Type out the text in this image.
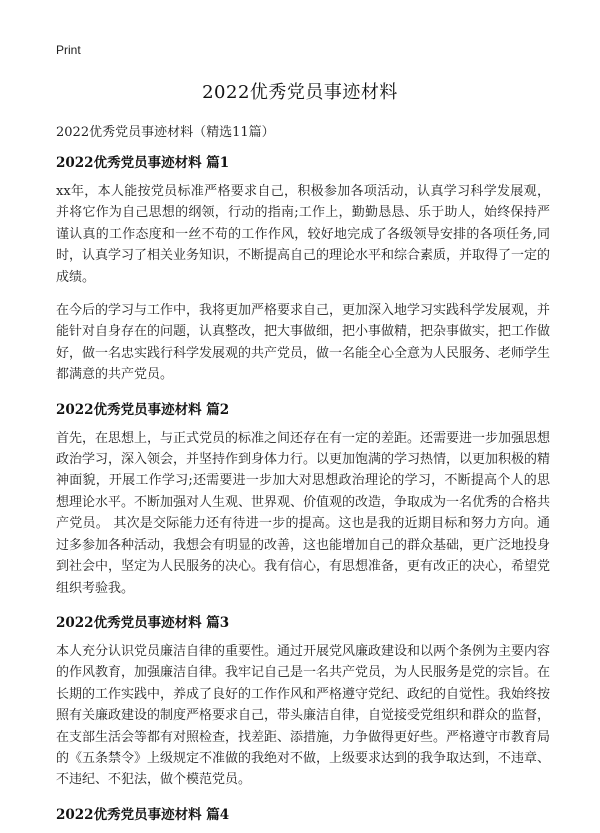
Print
2022优秀党员事迹材料
2022优秀党员事迹材料（精选11篇）
2022优秀党员事迹材料 篇1

xx年，本人能按党员标准严格要求自己，积极参加各项活动，认真学习科学发展观，并将它作为自己思想的纲领，行动的指南;工作上，勤勤恳恳、乐于助人，始终保持严谨认真的工作态度和一丝不苟的工作作风，较好地完成了各级领导安排的各项任务,同时，认真学习了相关业务知识，不断提高自己的理论水平和综合素质，并取得了一定的成绩。

在今后的学习与工作中，我将更加严格要求自己，更加深入地学习实践科学发展观，并能针对自身存在的问题，认真整改，把大事做细，把小事做精，把杂事做实，把工作做好，做一名忠实践行科学发展观的共产党员，做一名能全心全意为人民服务、老师学生都满意的共产党员。

2022优秀党员事迹材料 篇2

首先，在思想上，与正式党员的标准之间还存在有一定的差距。还需要进一步加强思想政治学习，深入领会，并坚持作到身体力行。以更加饱满的学习热情，以更加积极的精神面貌，开展工作学习;还需要进一步加大对思想政治理论的学习，不断提高个人的思想理论水平。不断加强对人生观、世界观、价值观的改造，争取成为一名优秀的合格共产党员。 其次是交际能力还有待进一步的提高。这也是我的近期目标和努力方向。通过多参加各种活动，我想会有明显的改善，这也能增加自己的群众基础，更广泛地投身到社会中，坚定为人民服务的决心。我有信心，有思想准备，更有改正的决心，希望党组织考验我。

2022优秀党员事迹材料 篇3

本人充分认识党员廉洁自律的重要性。通过开展党风廉政建设和以两个条例为主要内容的作风教育，加强廉洁自律。我牢记自己是一名共产党员，为人民服务是党的宗旨。在长期的工作实践中，养成了良好的工作作风和严格遵守党纪、政纪的自觉性。我始终按照有关廉政建设的制度严格要求自己，带头廉洁自律，自觉接受党组织和群众的监督，在支部生活会等都有对照检查，找差距、添措施，力争做得更好些。严格遵守市教育局的《五条禁令》上级规定不准做的我绝对不做，上级要求达到的我争取达到，不违章、不违纪、不犯法，做个模范党员。

2022优秀党员事迹材料 篇4
